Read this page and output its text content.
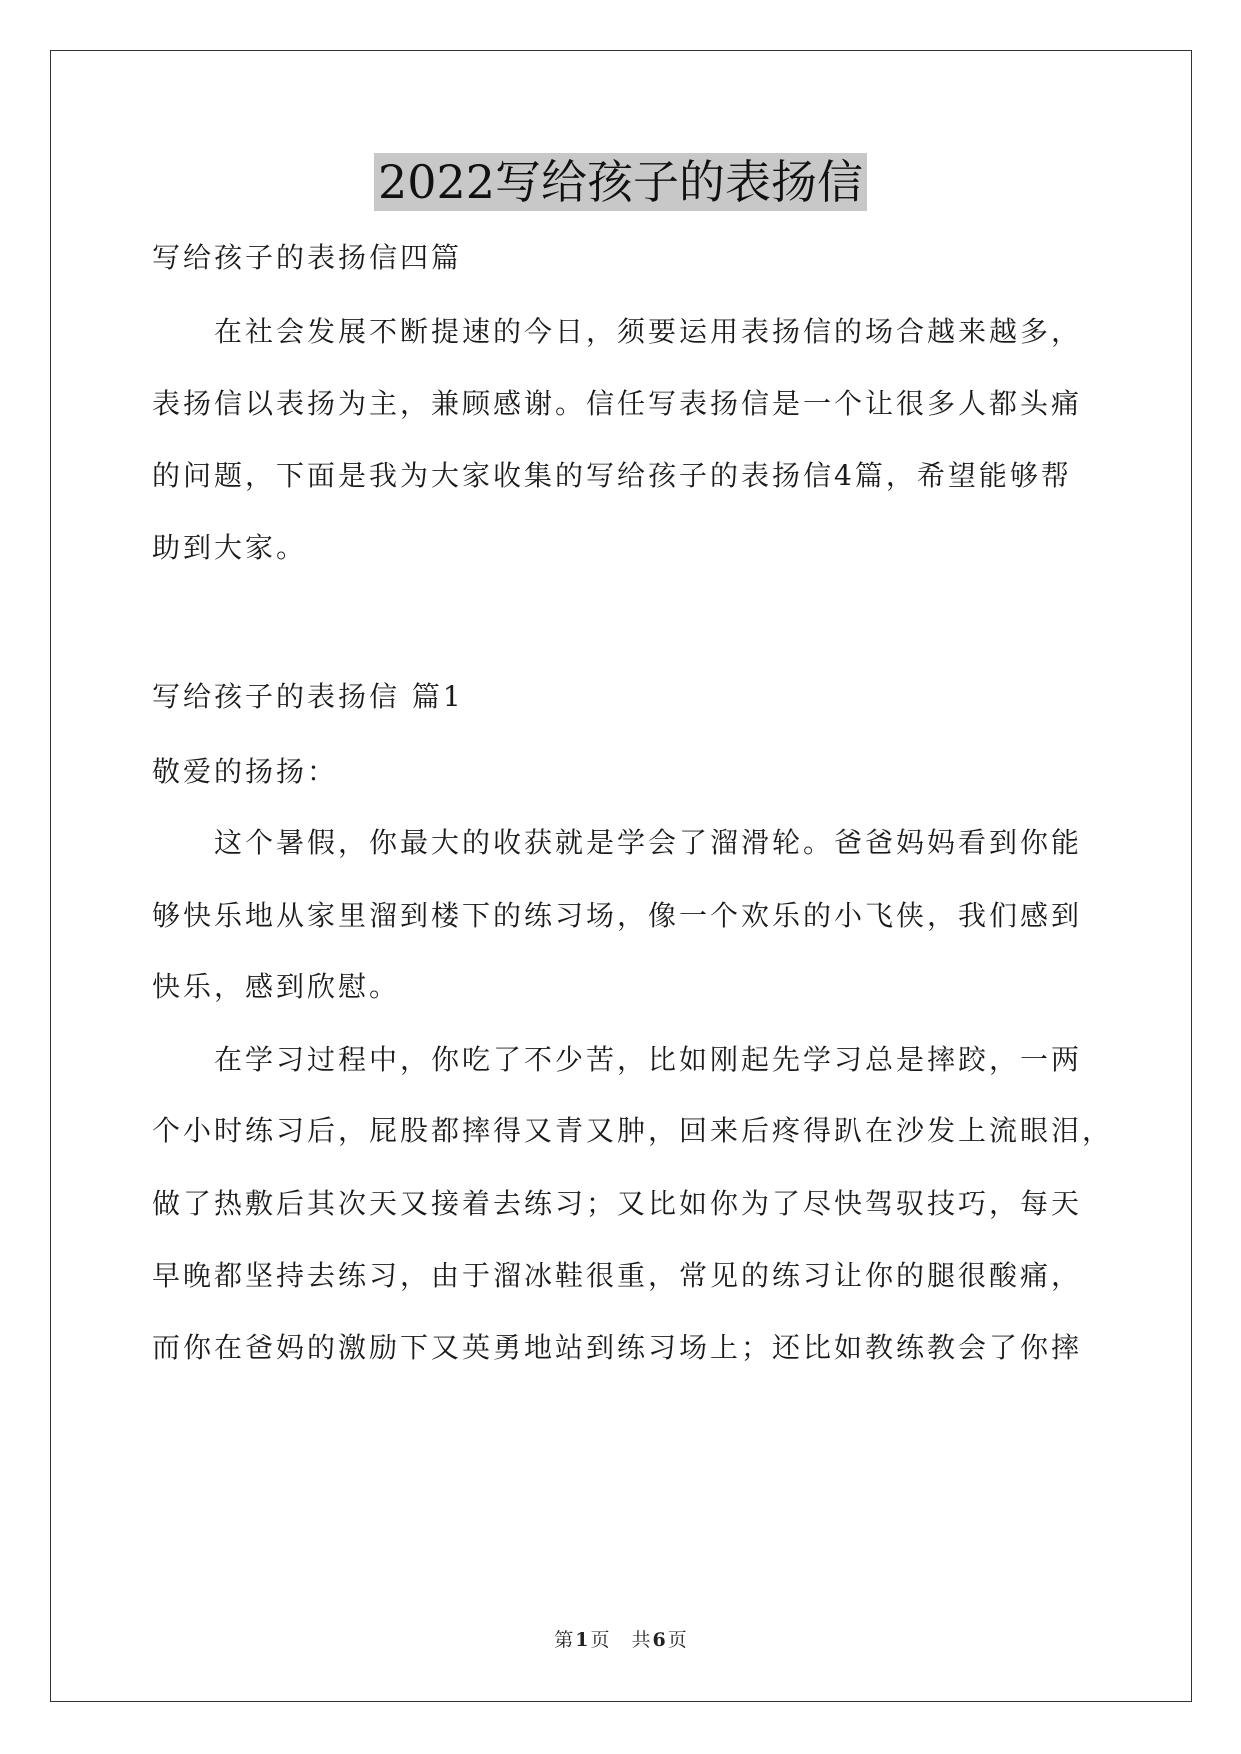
2022写给孩子的表扬信
写给孩子的表扬信四篇
在社会发展不断提速的今日，须要运用表扬信的场合越来越多，
表扬信以表扬为主，兼顾感谢。信任写表扬信是一个让很多人都头痛
的问题，下面是我为大家收集的写给孩子的表扬信4篇，希望能够帮
助到大家。
写给孩子的表扬信 篇1
敬爱的扬扬：
这个暑假，你最大的收获就是学会了溜滑轮。爸爸妈妈看到你能
够快乐地从家里溜到楼下的练习场，像一个欢乐的小飞侠，我们感到
快乐，感到欣慰。
在学习过程中，你吃了不少苦，比如刚起先学习总是摔跤，一两
个小时练习后，屁股都摔得又青又肿，回来后疼得趴在沙发上流眼泪，
做了热敷后其次天又接着去练习；又比如你为了尽快驾驭技巧，每天
早晚都坚持去练习，由于溜冰鞋很重，常见的练习让你的腿很酸痛，
而你在爸妈的激励下又英勇地站到练习场上；还比如教练教会了你摔
第 1 页 共 6 页
